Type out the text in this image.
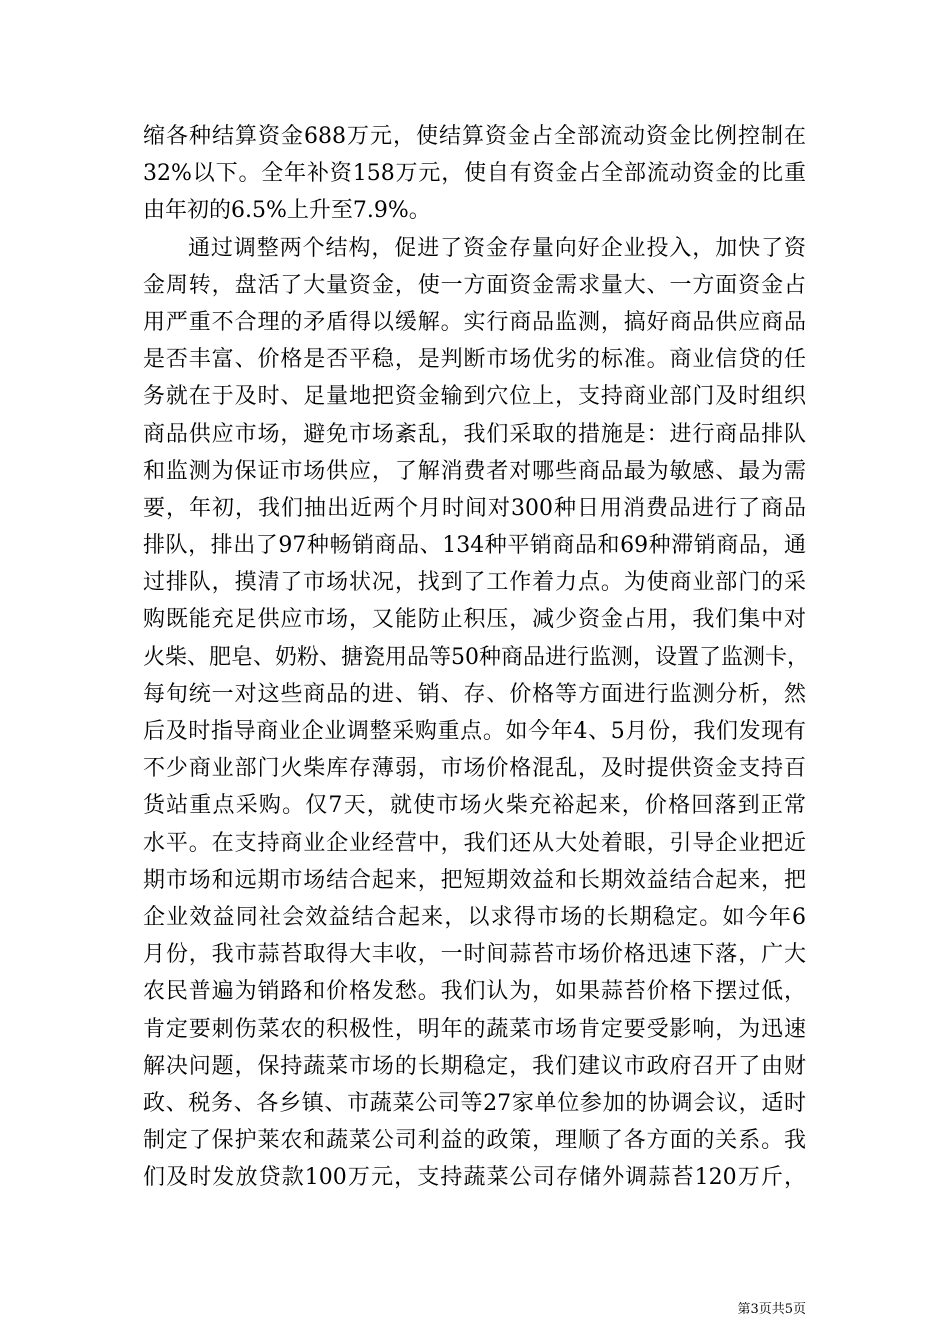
缩各种结算资金688万元，使结算资金占全部流动资金比例控制在
32%以下。全年补资158万元，使自有资金占全部流动资金的比重
由年初的6.5%上升至7.9%。
通过调整两个结构，促进了资金存量向好企业投入，加快了资
金周转，盘活了大量资金，使一方面资金需求量大、一方面资金占
用严重不合理的矛盾得以缓解。实行商品监测，搞好商品供应商品
是否丰富、价格是否平稳，是判断市场优劣的标准。商业信贷的任
务就在于及时、足量地把资金输到穴位上，支持商业部门及时组织
商品供应市场，避免市场紊乱，我们采取的措施是：进行商品排队
和监测为保证市场供应，了解消费者对哪些商品最为敏感、最为需
要，年初，我们抽出近两个月时间对300种日用消费品进行了商品
排队，排出了97种畅销商品、134种平销商品和69种滞销商品，通
过排队，摸清了市场状况，找到了工作着力点。为使商业部门的采
购既能充足供应市场，又能防止积压，减少资金占用，我们集中对
火柴、肥皂、奶粉、搪瓷用品等50种商品进行监测，设置了监测卡，
每旬统一对这些商品的进、销、存、价格等方面进行监测分析，然
后及时指导商业企业调整采购重点。如今年4、5月份，我们发现有
不少商业部门火柴库存薄弱，市场价格混乱，及时提供资金支持百
货站重点采购。仅7天，就使市场火柴充裕起来，价格回落到正常
水平。在支持商业企业经营中，我们还从大处着眼，引导企业把近
期市场和远期市场结合起来，把短期效益和长期效益结合起来，把
企业效益同社会效益结合起来，以求得市场的长期稳定。如今年6
月份，我市蒜苔取得大丰收，一时间蒜苔市场价格迅速下落，广大
农民普遍为销路和价格发愁。我们认为，如果蒜苔价格下摆过低，
肯定要刺伤菜农的积极性，明年的蔬菜市场肯定要受影响，为迅速
解决问题，保持蔬菜市场的长期稳定，我们建议市政府召开了由财
政、税务、各乡镇、市蔬菜公司等27家单位参加的协调会议，适时
制定了保护莱农和蔬菜公司利益的政策，理顺了各方面的关系。我
们及时发放贷款100万元，支持蔬菜公司存储外调蒜苔120万斤，
第3页共5页
